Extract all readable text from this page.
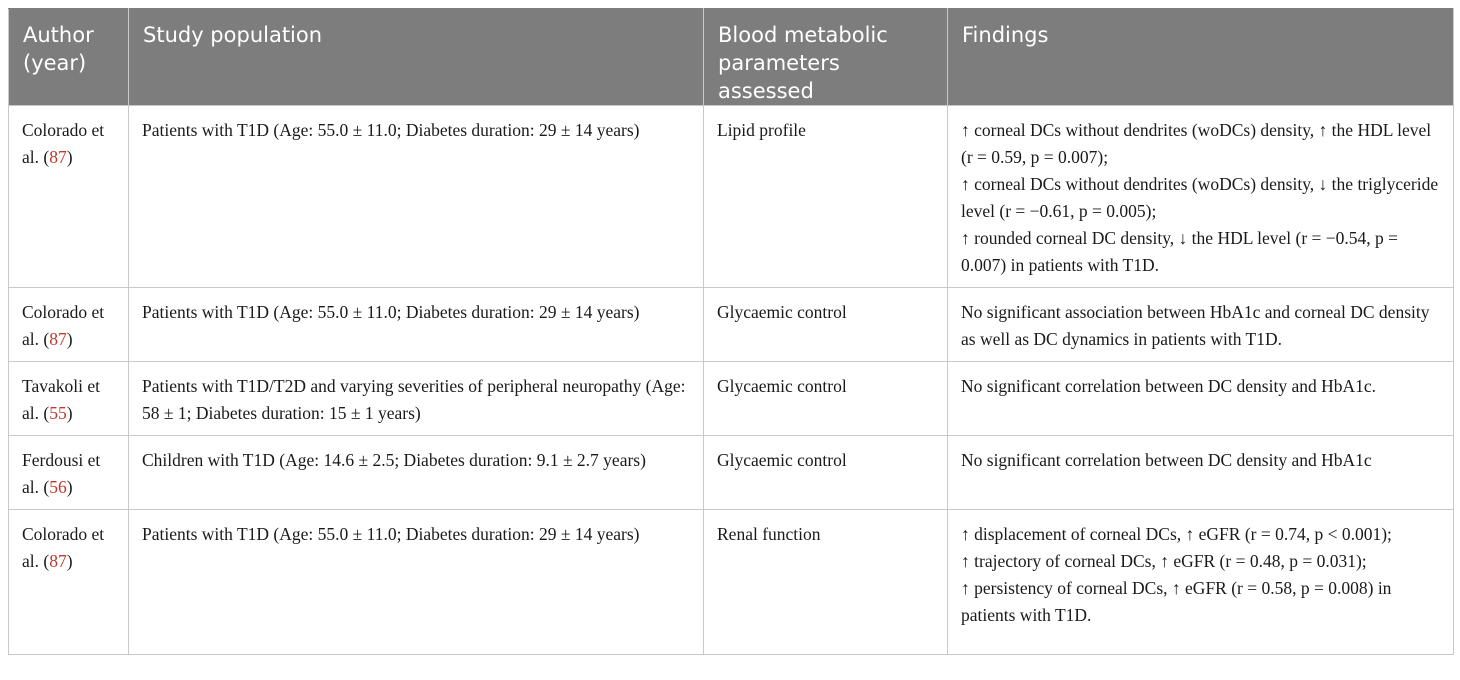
Author (year)	Study population	Blood metabolic parameters assessed	Findings
Colorado et al. (87)	Patients with T1D (Age: 55.0 ± 11.0; Diabetes duration: 29 ± 14 years)	Lipid profile	↑ corneal DCs without dendrites (woDCs) density, ↑ the HDL level (r = 0.59, p = 0.007);
↑ corneal DCs without dendrites (woDCs) density, ↓ the triglyceride level (r = −0.61, p = 0.005);
↑ rounded corneal DC density, ↓ the HDL level (r = −0.54, p = 0.007) in patients with T1D.

Colorado et al. (87)	Patients with T1D (Age: 55.0 ± 11.0; Diabetes duration: 29 ± 14 years)	Glycaemic control	No significant association between HbA1c and corneal DC density as well as DC dynamics in patients with T1D.

Tavakoli et al. (55)	Patients with T1D/T2D and varying severities of peripheral neuropathy (Age: 58 ± 1; Diabetes duration: 15 ± 1 years)	Glycaemic control	No significant correlation between DC density and HbA1c.

Ferdousi et al. (56)	Children with T1D (Age: 14.6 ± 2.5; Diabetes duration: 9.1 ± 2.7 years)	Glycaemic control	No significant correlation between DC density and HbA1c

Colorado et al. (87)	Patients with T1D (Age: 55.0 ± 11.0; Diabetes duration: 29 ± 14 years)	Renal function	↑ displacement of corneal DCs, ↑ eGFR (r = 0.74, p < 0.001);
↑ trajectory of corneal DCs, ↑ eGFR (r = 0.48, p = 0.031);
↑ persistency of corneal DCs, ↑ eGFR (r = 0.58, p = 0.008) in patients with T1D.
